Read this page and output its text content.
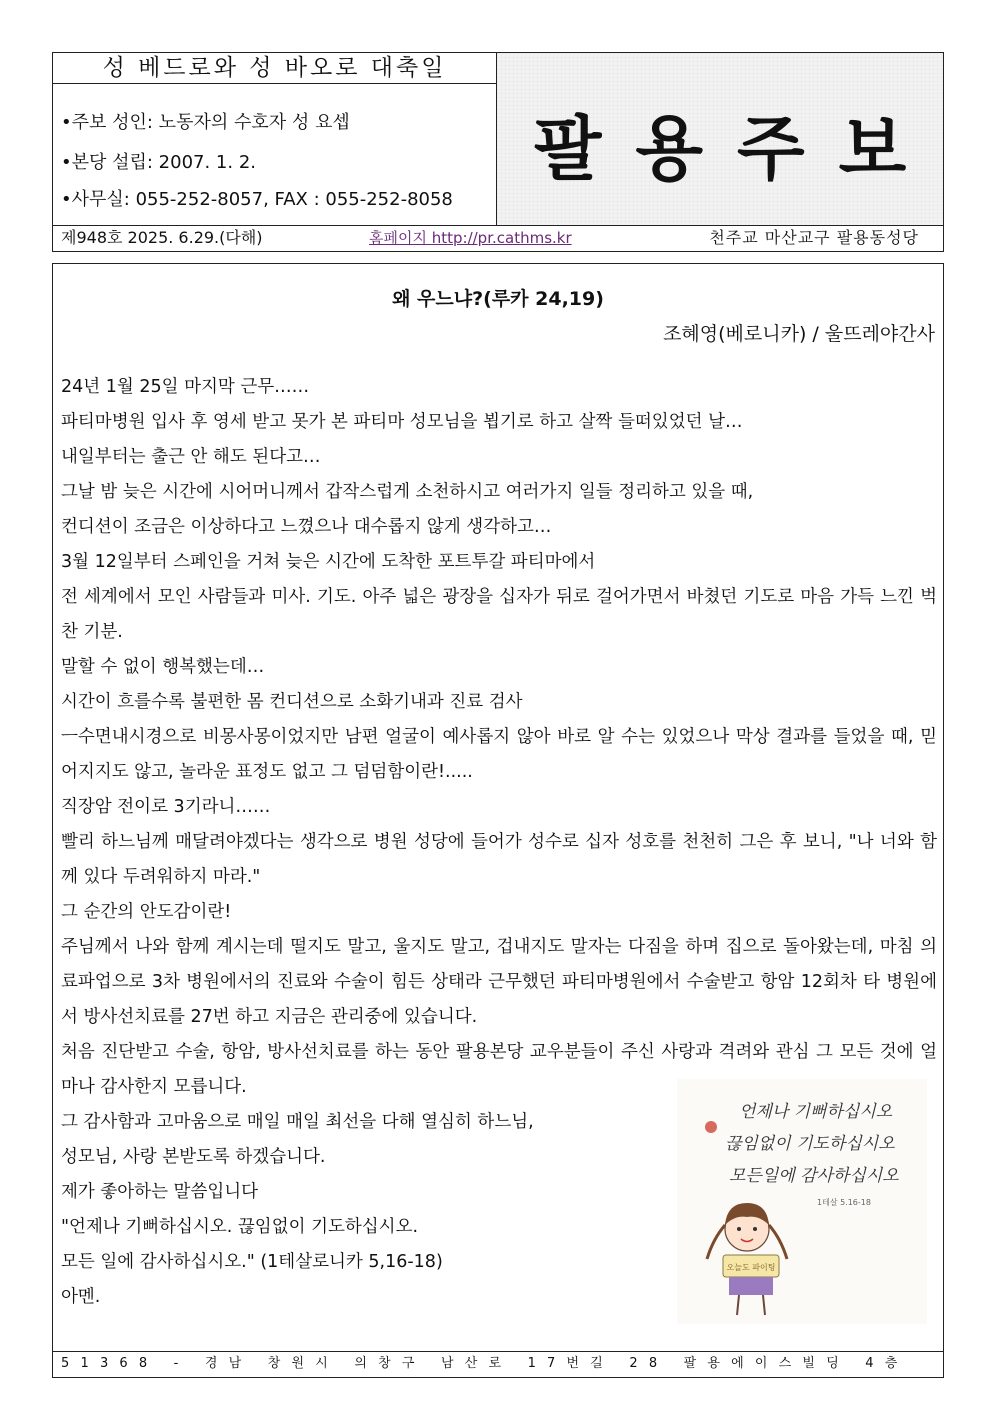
성 베드로와 성 바오로 대축일
•주보 성인: 노동자의 수호자 성 요셉
•본당 설립: 2007. 1. 2.
•사무실: 055-252-8057, FAX : 055-252-8058
팔용주보
제948호 2025. 6.29.(다해)	홈페이지 http://pr.cathms.kr	천주교 마산교구 팔용동성당
왜 우느냐?(루카 24,19)
조혜영(베로니카) / 울뜨레야간사

24년 1월 25일 마지막 근무……

파티마병원 입사 후 영세 받고 못가 본 파티마 성모님을 뵙기로 하고 살짝 들떠있었던 날…

내일부터는 출근 안 해도 된다고…

그날 밤 늦은 시간에 시어머니께서 갑작스럽게 소천하시고 여러가지 일들 정리하고 있을 때,

컨디션이 조금은 이상하다고 느꼈으나 대수롭지 않게 생각하고…

3월 12일부터 스페인을 거쳐 늦은 시간에 도착한 포트투갈 파티마에서

전 세계에서 모인 사람들과 미사. 기도. 아주 넓은 광장을 십자가 뒤로 걸어가면서 바쳤던 기도로 마음 가득 느낀 벅찬 기분.

말할 수 없이 행복했는데…

시간이 흐를수록 불편한 몸 컨디션으로 소화기내과 진료 검사

ㅡ수면내시경으로 비몽사몽이었지만 남편 얼굴이 예사롭지 않아 바로 알 수는 있었으나 막상 결과를 들었을 때, 믿어지지도 않고, 놀라운 표정도 없고 그 덤덤함이란!.....

직장암 전이로 3기라니……

빨리 하느님께 매달려야겠다는 생각으로 병원 성당에 들어가 성수로 십자 성호를 천천히 그은 후 보니, "나 너와 함께 있다 두려워하지 마라."

그 순간의 안도감이란!

주님께서 나와 함께 계시는데 떨지도 말고, 울지도 말고, 겁내지도 말자는 다짐을 하며 집으로 돌아왔는데, 마침 의료파업으로 3차 병원에서의 진료와 수술이 힘든 상태라 근무했던 파티마병원에서 수술받고 항암 12회차 타 병원에서 방사선치료를 27번 하고 지금은 관리중에 있습니다.

처음 진단받고 수술, 항암, 방사선치료를 하는 동안 팔용본당 교우분들이 주신 사랑과 격려와 관심 그 모든 것에 얼마나 감사한지 모릅니다.

그 감사함과 고마움으로 매일 매일 최선을 다해 열심히 하느님,

성모님, 사랑 본받도록 하겠습니다.

제가 좋아하는 말씀입니다

"언제나 기뻐하십시오. 끊임없이 기도하십시오.

모든 일에 감사하십시오." (1테살로니카 5,16-18)

아멘.

언제나 기뻐하십시오
끊임없이 기도하십시오
모든일에 감사하십시오
1테살 5.16-18
오늘도 파이팅
51368 - 경남 창원시 의창구 남산로 17번길 28 팔용에이스빌딩 4층
